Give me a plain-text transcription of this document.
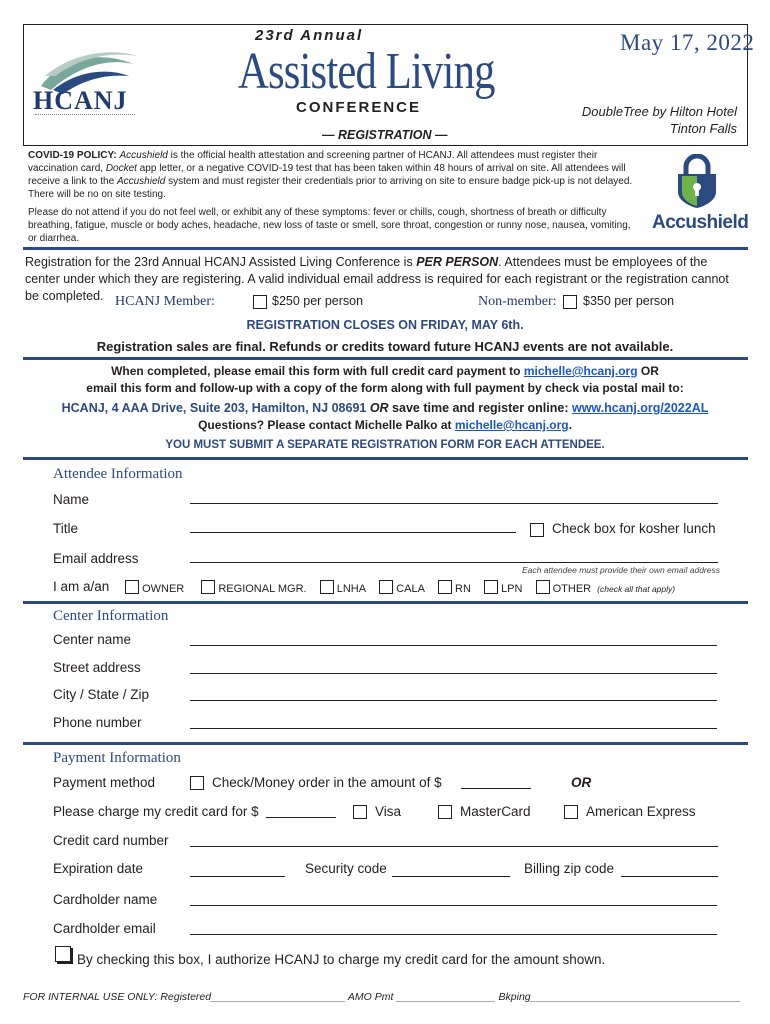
HCANJ
23rd Annual
Assisted Living
CONFERENCE
— REGISTRATION —
May 17, 2022
DoubleTree by Hilton Hotel
Tinton Falls
COVID-19 POLICY: Accushield is the official health attestation and screening partner of HCANJ. All attendees must register their vaccination card, Docket app letter, or a negative COVID-19 test that has been taken within 48 hours of arrival on site. All attendees will receive a link to the Accushield system and must register their credentials prior to arriving on site to ensure badge pick-up is not delayed. There will be no on site testing.
Please do not attend if you do not feel well, or exhibit any of these symptoms: fever or chills, cough, shortness of breath or difficulty breathing, fatigue, muscle or body aches, headache, new loss of taste or smell, sore throat, congestion or runny nose, nausea, vomiting, or diarrhea.
Accushield
Registration for the 23rd Annual HCANJ Assisted Living Conference is PER PERSON. Attendees must be employees of the center under which they are registering. A valid individual email address is required for each registrant or the registration cannot be completed. HCANJ Member:	$250 per person	Non-member: $350 per person
REGISTRATION CLOSES ON FRIDAY, MAY 6th.
Registration sales are final. Refunds or credits toward future HCANJ events are not available.
When completed, please email this form with full credit card payment to michelle@hcanj.org OR
email this form and follow-up with a copy of the form along with full payment by check via postal mail to:
HCANJ, 4 AAA Drive, Suite 203, Hamilton, NJ 08691 OR save time and register online: www.hcanj.org/2022AL
Questions? Please contact Michelle Palko at michelle@hcanj.org.
YOU MUST SUBMIT A SEPARATE REGISTRATION FORM FOR EACH ATTENDEE.
Attendee Information
Name
Title	Check box for kosher lunch
Email address
Each attendee must provide their own email address
I am a/an	OWNER	REGIONAL MGR.	LNHA	CALA	RN	LPN	OTHER (check all that apply)
Center Information
Center name
Street address
City / State / Zip
Phone number
Payment Information
Payment method	Check/Money order in the amount of $	OR
Please charge my credit card for $	Visa	MasterCard	American Express
Credit card number
Expiration date	Security code	Billing zip code
Cardholder name
Cardholder email
By checking this box, I authorize HCANJ to charge my credit card for the amount shown.
FOR INTERNAL USE ONLY: Registered_______________________ AMO Pmt _________________ Bkping____________________________________
